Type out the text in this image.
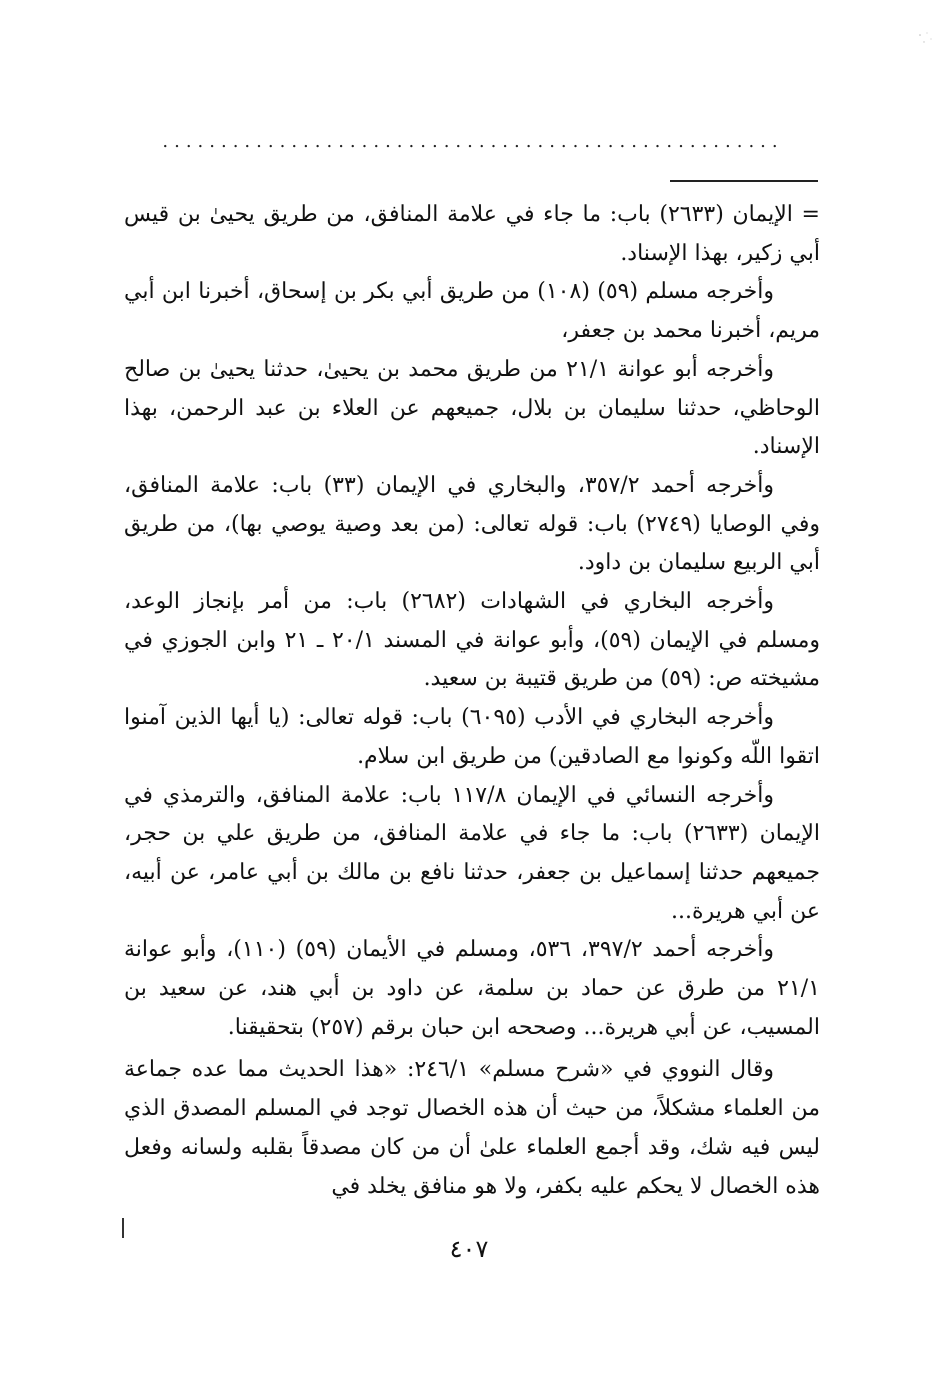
.....................................................

= الإيمان (٢٦٣٣) باب: ما جاء في علامة المنافق، من طريق يحيىٰ بن قيس أبي زكير، بهذا الإسناد.

وأخرجه مسلم (٥٩) (١٠٨) من طريق أبي بكر بن إسحاق، أخبرنا ابن أبي مريم، أخبرنا محمد بن جعفر،

وأخرجه أبو عوانة ٢١/١ من طريق محمد بن يحيىٰ، حدثنا يحيىٰ بن صالح الوحاظي، حدثنا سليمان بن بلال، جميعهم عن العلاء بن عبد الرحمن، بهذا الإسناد.

وأخرجه أحمد ٣٥٧/٢، والبخاري في الإيمان (٣٣) باب: علامة المنافق، وفي الوصايا (٢٧٤٩) باب: قوله تعالى: (من بعد وصية يوصي بها)، من طريق أبي الربيع سليمان بن داود.

وأخرجه البخاري في الشهادات (٢٦٨٢) باب: من أمر بإنجاز الوعد، ومسلم في الإيمان (٥٩)، وأبو عوانة في المسند ٢٠/١ ـ ٢١ وابن الجوزي في مشيخته ص: (٥٩) من طريق قتيبة بن سعيد.

وأخرجه البخاري في الأدب (٦٠٩٥) باب: قوله تعالى: (يا أيها الذين آمنوا اتقوا اللّه وكونوا مع الصادقين) من طريق ابن سلام.

وأخرجه النسائي في الإيمان ١١٧/٨ باب: علامة المنافق، والترمذي في الإيمان (٢٦٣٣) باب: ما جاء في علامة المنافق، من طريق علي بن حجر، جميعهم حدثنا إسماعيل بن جعفر، حدثنا نافع بن مالك بن أبي عامر، عن أبيه، عن أبي هريرة...

وأخرجه أحمد ٣٩٧/٢، ٥٣٦، ومسلم في الأيمان (٥٩) (١١٠)، وأبو عوانة ٢١/١ من طرق عن حماد بن سلمة، عن داود بن أبي هند، عن سعيد بن المسيب، عن أبي هريرة... وصححه ابن حبان برقم (٢٥٧) بتحقيقنا.

وقال النووي في «شرح مسلم» ٢٤٦/١: «هذا الحديث مما عده جماعة من العلماء مشكلاً، من حيث أن هذه الخصال توجد في المسلم المصدق الذي ليس فيه شك، وقد أجمع العلماء علىٰ أن من كان مصدقاً بقلبه ولسانه وفعل هذه الخصال لا يحكم عليه بكفر، ولا هو منافق يخلد في

٤٠٧
